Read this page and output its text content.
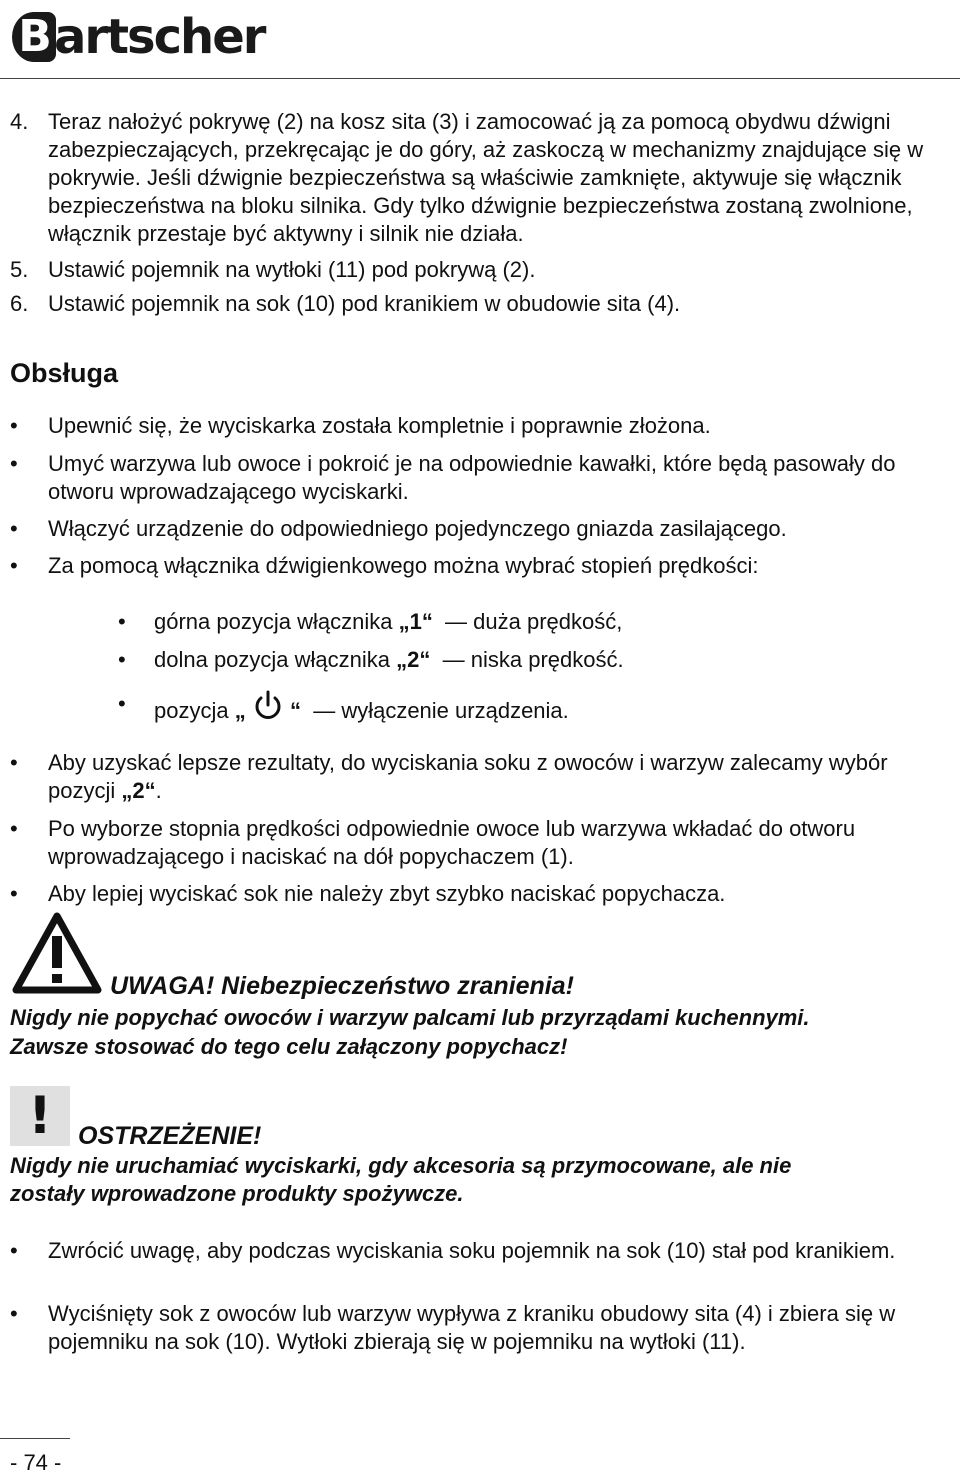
Bartscher
4. Teraz nałożyć pokrywę (2) na kosz sita (3) i zamocować ją za pomocą obydwu dźwigni zabezpieczających, przekręcając je do góry, aż zaskoczą w mechanizmy znajdujące się w pokrywie. Jeśli dźwignie bezpieczeństwa są właściwie zamknięte, aktywuje się włącznik bezpieczeństwa na bloku silnika. Gdy tylko dźwignie bezpieczeństwa zostaną zwolnione, włącznik przestaje być aktywny i silnik nie działa.
5. Ustawić pojemnik na wytłoki (11) pod pokrywą (2).
6. Ustawić pojemnik na sok (10) pod kranikiem w obudowie sita (4).
Obsługa
• Upewnić się, że wyciskarka została kompletnie i poprawnie złożona.
• Umyć warzywa lub owoce i pokroić je na odpowiednie kawałki, które będą pasowały do otworu wprowadzającego wyciskarki.
• Włączyć urządzenie do odpowiedniego pojedynczego gniazda zasilającego.
• Za pomocą włącznika dźwigienkowego można wybrać stopień prędkości:
• górna pozycja włącznika „1“  — duża prędkość,
• dolna pozycja włącznika „2“  — niska prędkość.
• pozycja „ “  — wyłączenie urządzenia.
• Aby uzyskać lepsze rezultaty, do wyciskania soku z owoców i warzyw zalecamy wybór pozycji „2“.
• Po wyborze stopnia prędkości odpowiednie owoce lub warzywa wkładać do otworu wprowadzającego i naciskać na dół popychaczem (1).
• Aby lepiej wyciskać sok nie należy zbyt szybko naciskać popychacza.
UWAGA! Niebezpieczeństwo zranienia!
Nigdy nie popychać owoców i warzyw palcami lub przyrządami kuchennymi.
Zawsze stosować do tego celu załączony popychacz!
!	OSTRZEŻENIE!
Nigdy nie uruchamiać wyciskarki, gdy akcesoria są przymocowane, ale nie
zostały wprowadzone produkty spożywcze.
• Zwrócić uwagę, aby podczas wyciskania soku pojemnik na sok (10) stał pod kranikiem.
• Wyciśnięty sok z owoców lub warzyw wypływa z kraniku obudowy sita (4) i zbiera się w pojemniku na sok (10). Wytłoki zbierają się w pojemniku na wytłoki (11).
- 74 -
